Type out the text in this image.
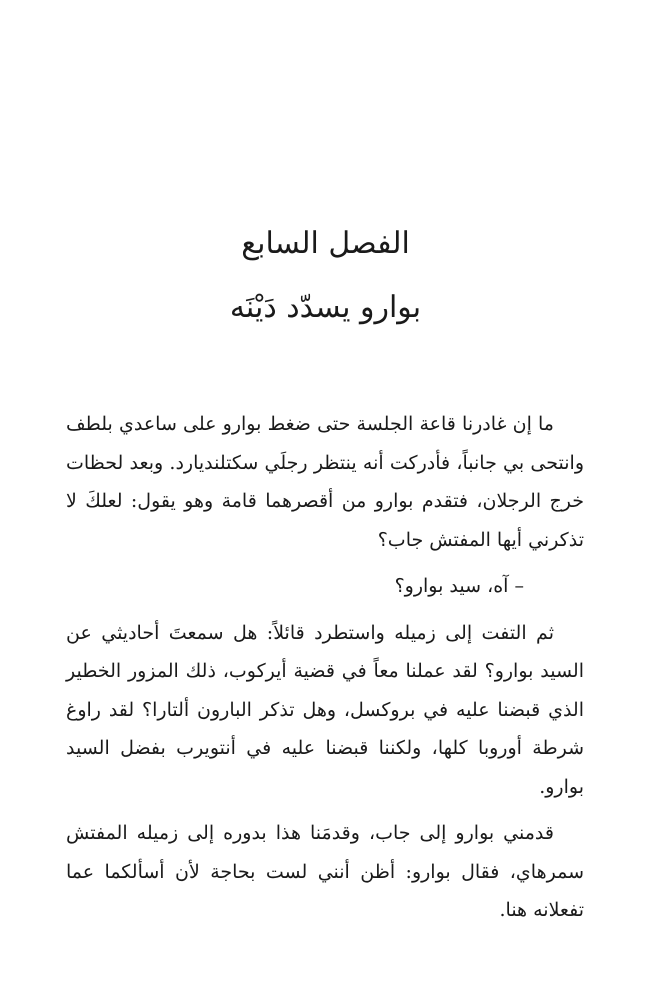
الفصل السابع
بوارو يسدّد دَيْنَه

ما إن غادرنا قاعة الجلسة حتى ضغط بوارو على ساعدي بلطف وانتحى بي جانباً، فأدركت أنه ينتظر رجلَي سكتلنديارد. وبعد لحظات خرج الرجلان، فتقدم بوارو من أقصرهما قامة وهو يقول: لعلكَ لا تذكرني أيها المفتش جاب؟

– آه، سيد بوارو؟

ثم التفت إلى زميله واستطرد قائلاً: هل سمعتَ أحاديثي عن السيد بوارو؟ لقد عملنا معاً في قضية أيركوب، ذلك المزور الخطير الذي قبضنا عليه في بروكسل، وهل تذكر البارون ألتارا؟ لقد راوغ شرطة أوروبا كلها، ولكننا قبضنا عليه في أنتويرب بفضل السيد بوارو.

قدمني بوارو إلى جاب، وقدمَنا هذا بدوره إلى زميله المفتش سمرهاي، فقال بوارو: أظن أنني لست بحاجة لأن أسألكما عما تفعلانه هنا.
